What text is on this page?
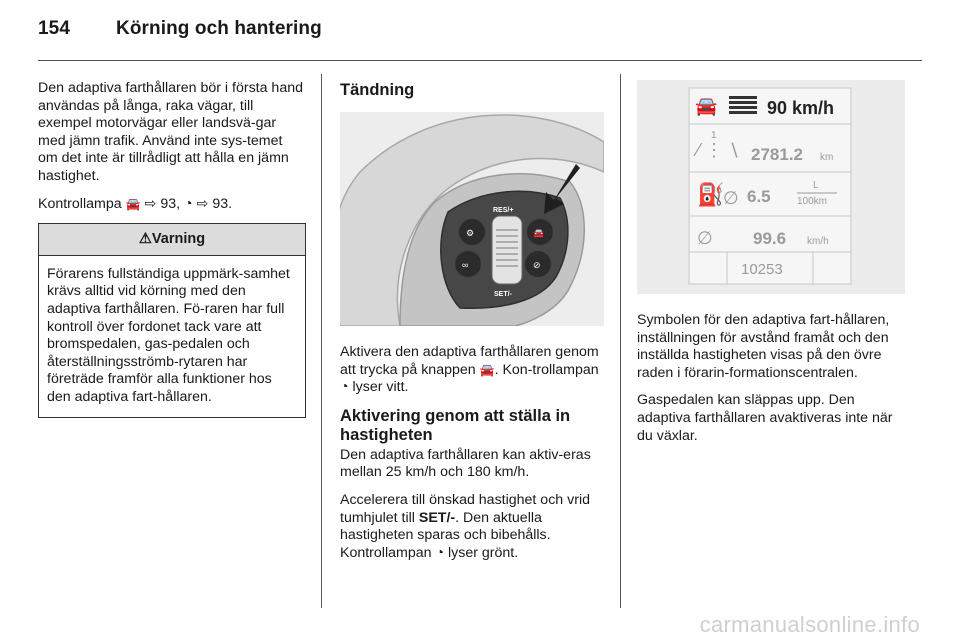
154 Körning och hantering

Den adaptiva farthållaren bör i första hand användas på långa, raka vägar, till exempel motorvägar eller landsvä-gar med jämn trafik. Använd inte sys-temet om det inte är tillrådligt att hålla en jämn hastighet.

Kontrollampa 🚘 ⇨ 93, ◔ ⇨ 93.

⚠Varning
Förarens fullständiga uppmärk-samhet krävs alltid vid körning med den adaptiva farthållaren. Fö-raren har full kontroll över fordonet tack vare att bromspedalen, gas-pedalen och återställningsströmb-rytaren har företräde framför alla funktioner hos den adaptiva fart-hållaren.
Tändning
⚙
∞
RES/+
SET/-
🚘
⊘

Aktivera den adaptiva farthållaren genom att trycka på knappen 🚘. Kon-trollampan ◔ lyser vitt.

Aktivering genom att ställa in hastigheten

Den adaptiva farthållaren kan aktiv-eras mellan 25 km/h och 180 km/h.

Accelerera till önskad hastighet och vrid tumhjulet till SET/-. Den aktuella hastigheten sparas och bibehålls.
Kontrollampan ◔ lyser grönt.

🚘	90 km/h
1
⁄ ⋮ ∖ 2781.2 km
⛽
∅ 6.5
L
100km
∅ 99.6 km/h
10253

Symbolen för den adaptiva fart-hållaren, inställningen för avstånd framåt och den inställda hastigheten visas på den övre raden i förarin-formationscentralen.

Gaspedalen kan släppas upp. Den adaptiva farthållaren avaktiveras inte när du växlar.

carmanualsonline.info
